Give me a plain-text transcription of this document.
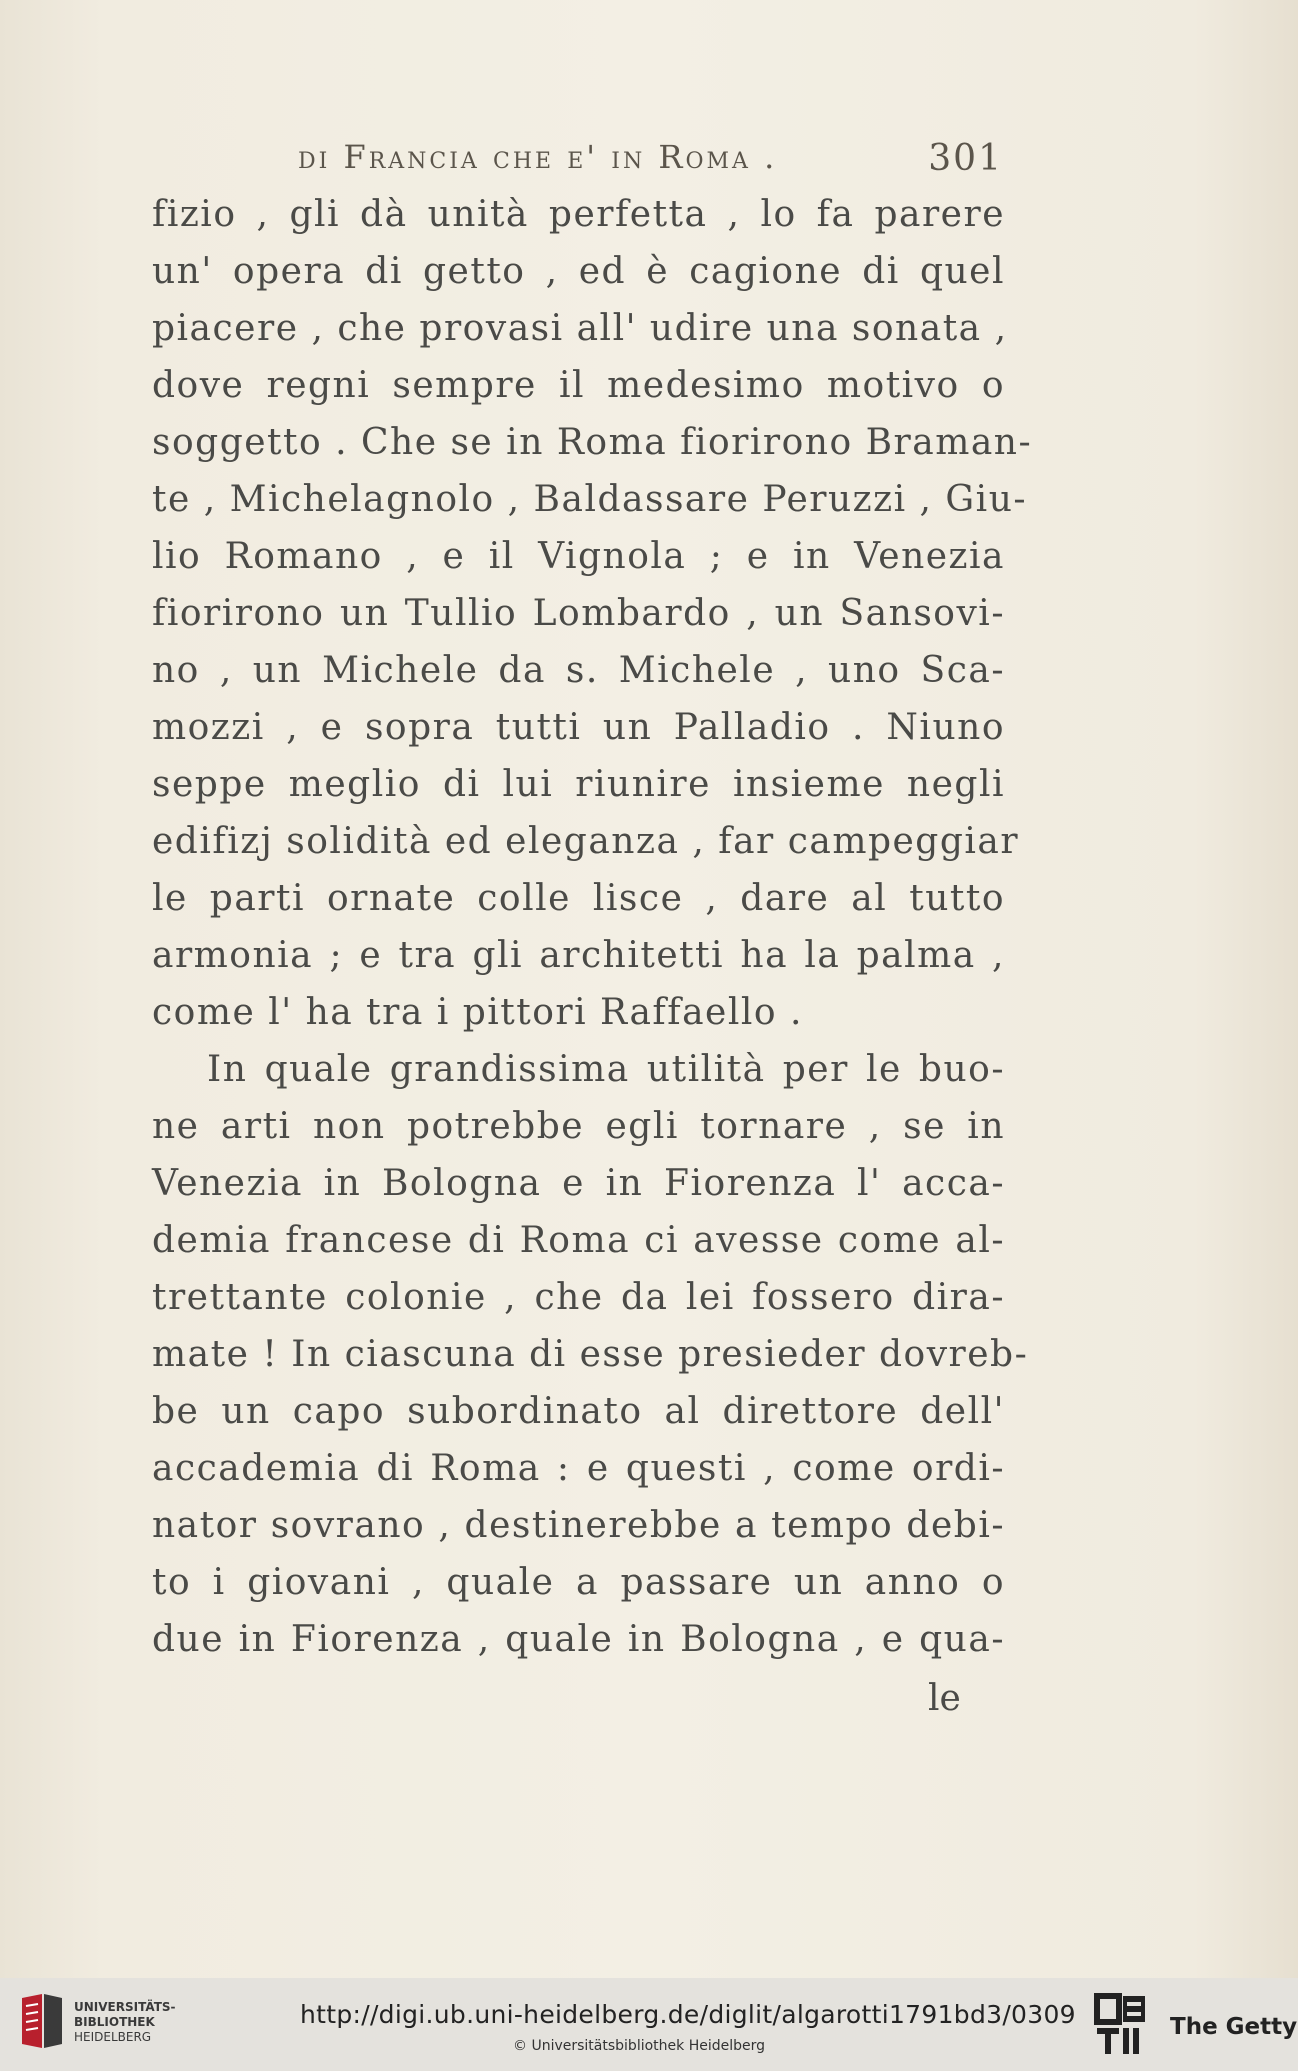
di Francia che e' in Roma .	301
fizio , gli dà unità perfetta , lo fa parere
un' opera di getto , ed è cagione di quel
piacere , che provasi all' udire una sonata ,
dove regni sempre il medesimo motivo o
soggetto . Che se in Roma fiorirono Braman-
te , Michelagnolo , Baldassare Peruzzi , Giu-
lio Romano , e il Vignola ; e in Venezia
fiorirono un Tullio Lombardo , un Sansovi-
no , un Michele da s. Michele , uno Sca-
mozzi , e sopra tutti un Palladio . Niuno
seppe meglio di lui riunire insieme negli
edifizj solidità ed eleganza , far campeggiar
le parti ornate colle lisce , dare al tutto
armonia ; e tra gli architetti ha la palma ,
come l' ha tra i pittori Raffaello .
In quale grandissima utilità per le buo-
ne arti non potrebbe egli tornare , se in
Venezia in Bologna e in Fiorenza l' acca-
demia francese di Roma ci avesse come al-
trettante colonie , che da lei fossero dira-
mate ! In ciascuna di esse presieder dovreb-
be un capo subordinato al direttore dell'
accademia di Roma : e questi , come ordi-
nator sovrano , destinerebbe a tempo debi-
to i giovani , quale a passare un anno o
due in Fiorenza , quale in Bologna , e qua-
le
UNIVERSITÄTS-
BIBLIOTHEK
HEIDELBERG
http://digi.ub.uni-heidelberg.de/diglit/algarotti1791bd3/0309
© Universitätsbibliothek Heidelberg
The Getty
